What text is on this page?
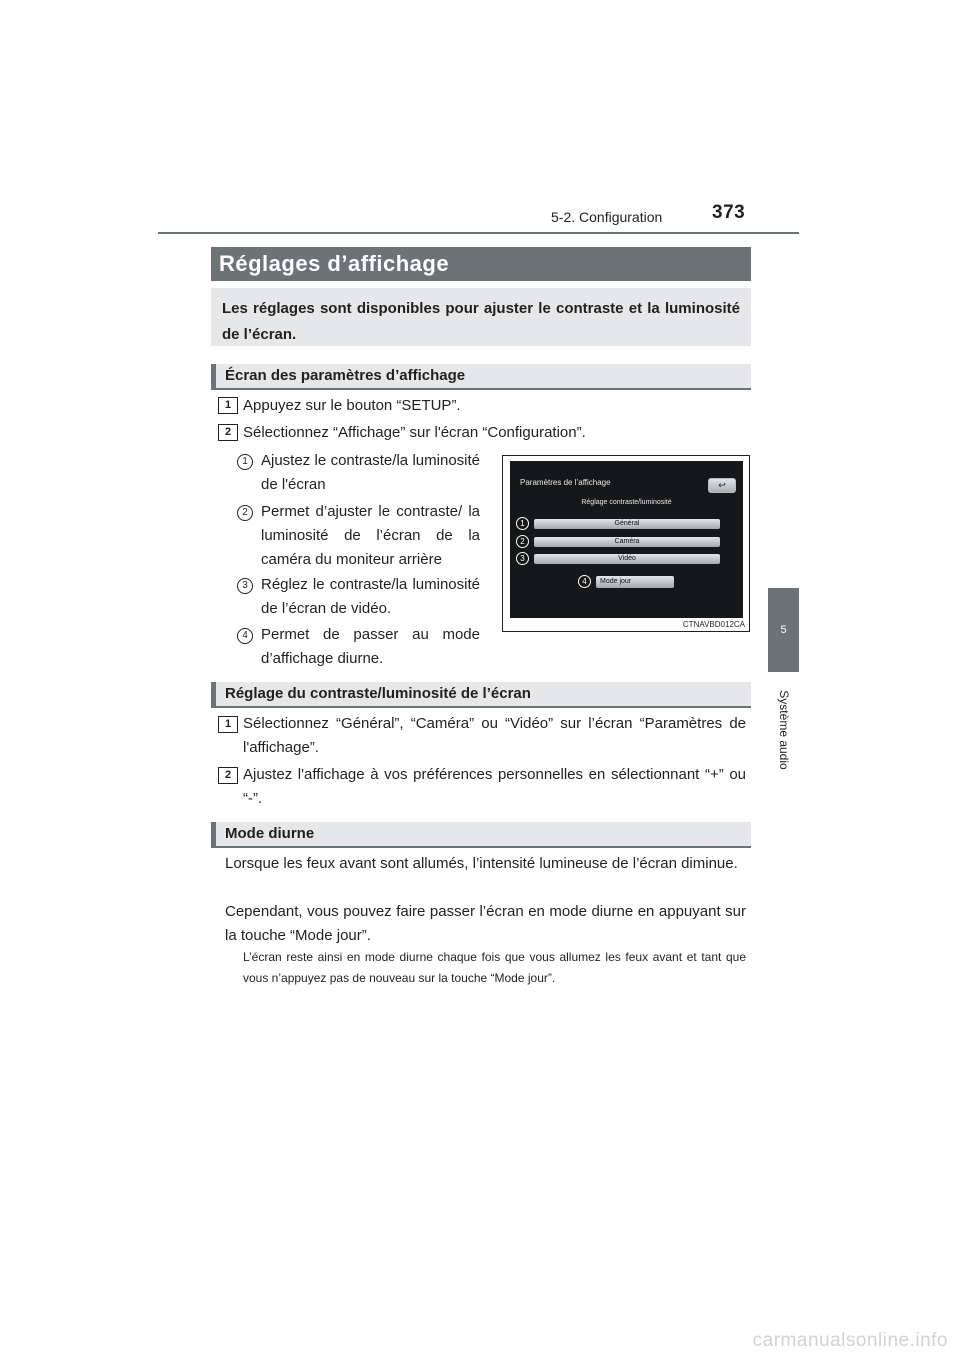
5-2. Configuration	373
5
Système audio
Réglages d’affichage
Les réglages sont disponibles pour ajuster le contraste et la luminosité de l’écran.
Écran des paramètres d’affichage
1 Appuyez sur le bouton “SETUP”.
2 Sélectionnez “Affichage” sur l'écran “Configuration”.
1 Ajustez le contraste/la luminosité de l'écran
2 Permet d’ajuster le contraste/ la luminosité de l’écran de la caméra du moniteur arrière
3 Réglez le contraste/la luminosité de l’écran de vidéo.
4 Permet de passer au mode d’affichage diurne.
Paramètres de l’affichage	↩
Réglage contraste/luminosité
Général
Caméra
Vidéo
Mode jour
1
2
3
4
CTNAVBD012CA
Réglage du contraste/luminosité de l’écran
1 Sélectionnez “Général”, “Caméra” ou “Vidéo” sur l’écran “Paramètres de l'affichage”.
2 Ajustez l'affichage à vos préférences personnelles en sélectionnant “+” ou “-”.
Mode diurne
Lorsque les feux avant sont allumés, l’intensité lumineuse de l’écran diminue.
Cependant, vous pouvez faire passer l’écran en mode diurne en appuyant sur la touche “Mode jour”.
L’écran reste ainsi en mode diurne chaque fois que vous allumez les feux avant et tant que vous n’appuyez pas de nouveau sur la touche “Mode jour”.
carmanualsonline.info
